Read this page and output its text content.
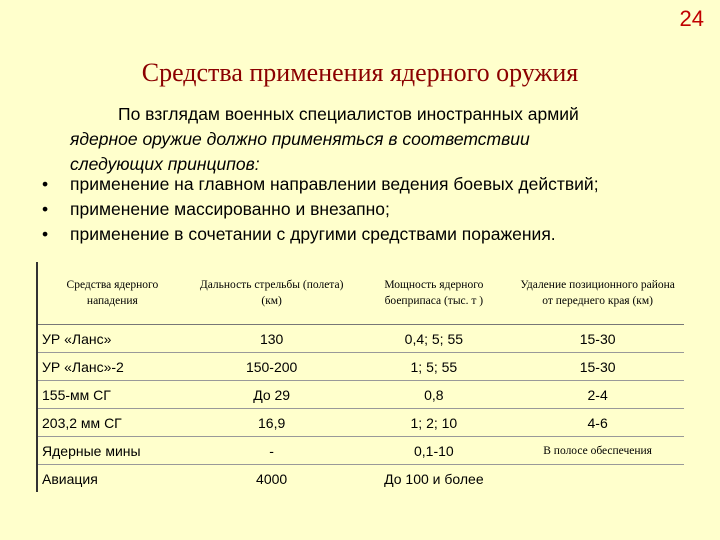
24
Средства применения ядерного оружия
По взглядам военных специалистов иностранных армий
ядерное оружие должно применяться в соответствии
следующих принципов:
• применение на главном направлении ведения боевых действий;
• применение массированно и внезапно;
• применение в сочетании с другими средствами поражения.
Средства ядерного нападения	Дальность стрельбы (полета) (км)	Мощность ядерного боеприпаса (тыс. т )	Удаление позиционного района от переднего края (км)
УР «Ланс»	130	0,4; 5; 55	15-30
УР «Ланс»-2	150-200	1; 5; 55	15-30
155-мм СГ	До 29	0,8	2-4
203,2 мм СГ	16,9	1; 2; 10	4-6
Ядерные мины	-	0,1-10	В полосе обеспечения
Авиация	4000	До 100 и более	
